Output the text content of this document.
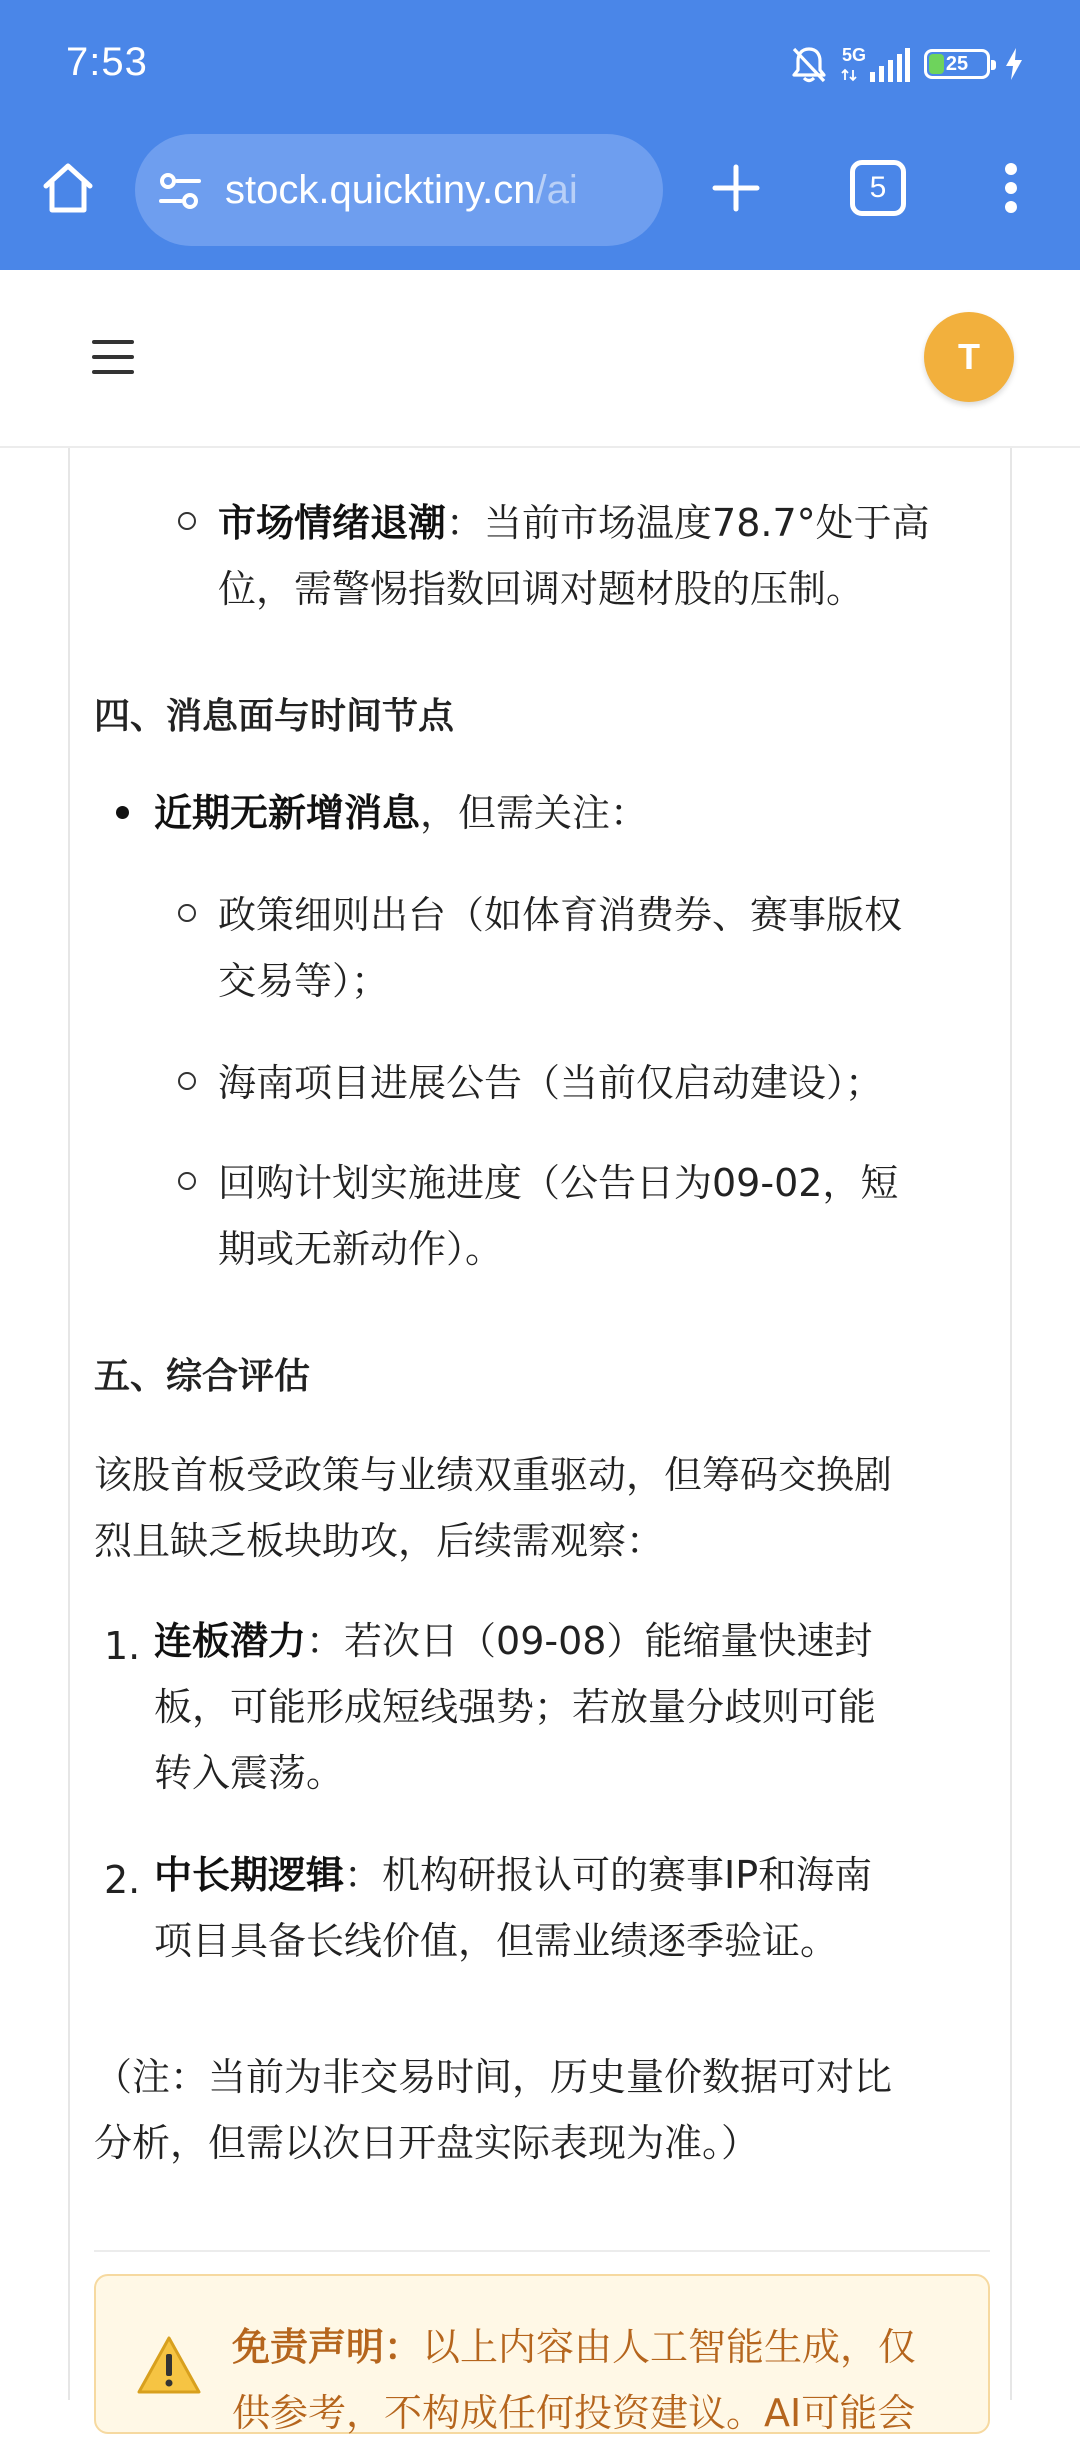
7:53	5G	25
stock.quicktiny.cn/ai	5
T
市场情绪退潮：当前市场温度78.7°处于高
位，需警惕指数回调对题材股的压制。
四、消息面与时间节点
近期无新增消息，但需关注：
政策细则出台（如体育消费券、赛事版权
交易等）；
海南项目进展公告（当前仅启动建设）；
回购计划实施进度（公告日为09-02，短
期或无新动作）。
五、综合评估
该股首板受政策与业绩双重驱动，但筹码交换剧
烈且缺乏板块助攻，后续需观察：
1. 连板潜力：若次日（09-08）能缩量快速封
板，可能形成短线强势；若放量分歧则可能
转入震荡。
2. 中长期逻辑：机构研报认可的赛事IP和海南
项目具备长线价值，但需业绩逐季验证。
（注：当前为非交易时间，历史量价数据可对比
分析，但需以次日开盘实际表现为准。）
免责声明：以上内容由人工智能生成，仅
供参考，不构成任何投资建议。AI可能会
